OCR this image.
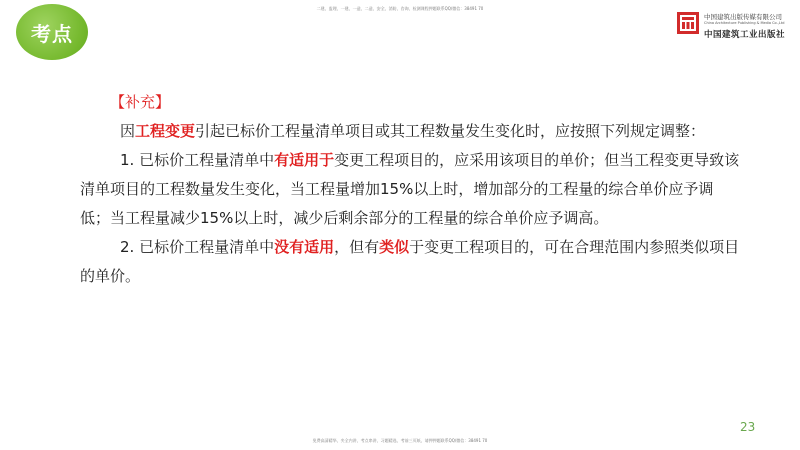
二建、监理、一建、一造、二造、安全、消防、咨询、检测课程押题联系QQ/微信：38491 70
考点
中国建筑出版传媒有限公司
China Architecture Publishing & Media Co.,Ltd
中国建筑工业出版社

【补充】

因工程变更引起已标价工程量清单项目或其工程数量发生变化时，应按照下列规定调整：

1. 已标价工程量清单中有适用于变更工程项目的，应采用该项目的单价；但当工程变更导致该清单项目的工程数量发生变化，当工程量增加15%以上时，增加部分的工程量的综合单价应予调低；当工程量减少15%以上时，减少后剩余部分的工程量的综合单价应予调高。

2. 已标价工程量清单中没有适用，但有类似于变更工程项目的，可在合理范围内参照类似项目的单价。

23
免费高清精华、夹全内讲、考点串讲、习题精选、考前三页纸、请押押题联系QQ/微信：38491 70
